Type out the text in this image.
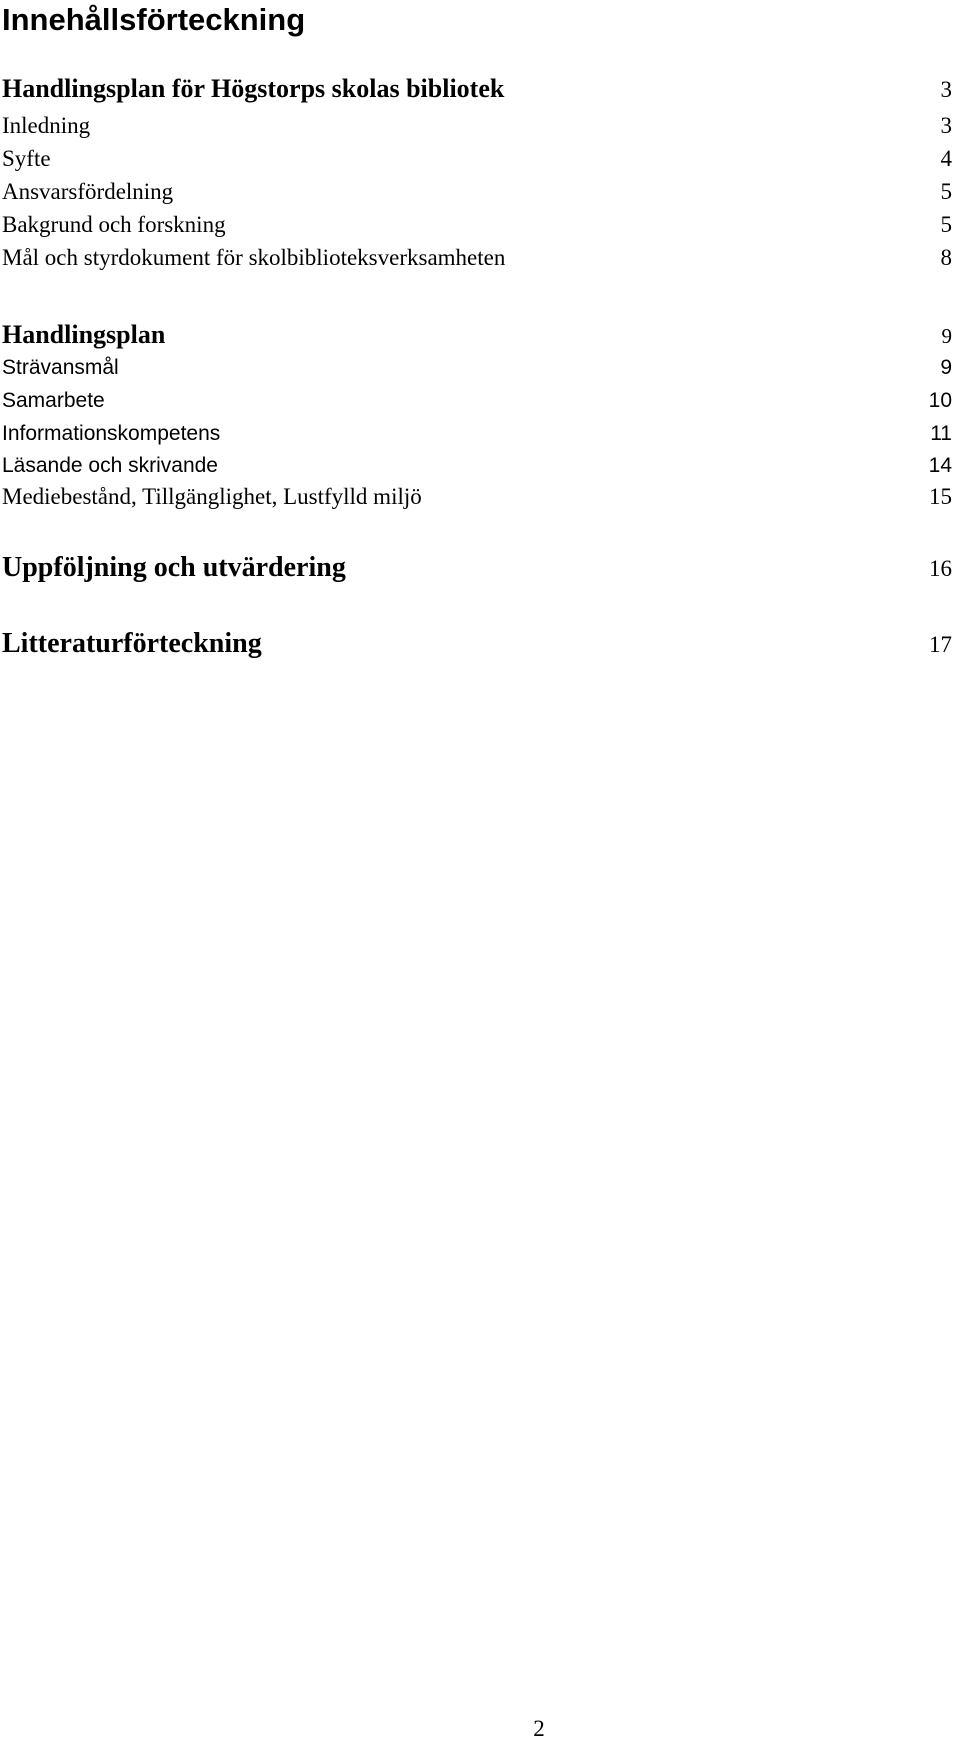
Innehållsförteckning
Handlingsplan för Högstorps skolas bibliotek	3
Inledning	3
Syfte	4
Ansvarsfördelning	5
Bakgrund och forskning	5
Mål och styrdokument för skolbiblioteksverksamheten	8
Handlingsplan	9
Strävansmål	9
Samarbete	10
Informationskompetens	11
Läsande och skrivande	14
Mediebestånd, Tillgänglighet, Lustfylld miljö	15
Uppföljning och utvärdering	16
Litteraturförteckning	17
2
